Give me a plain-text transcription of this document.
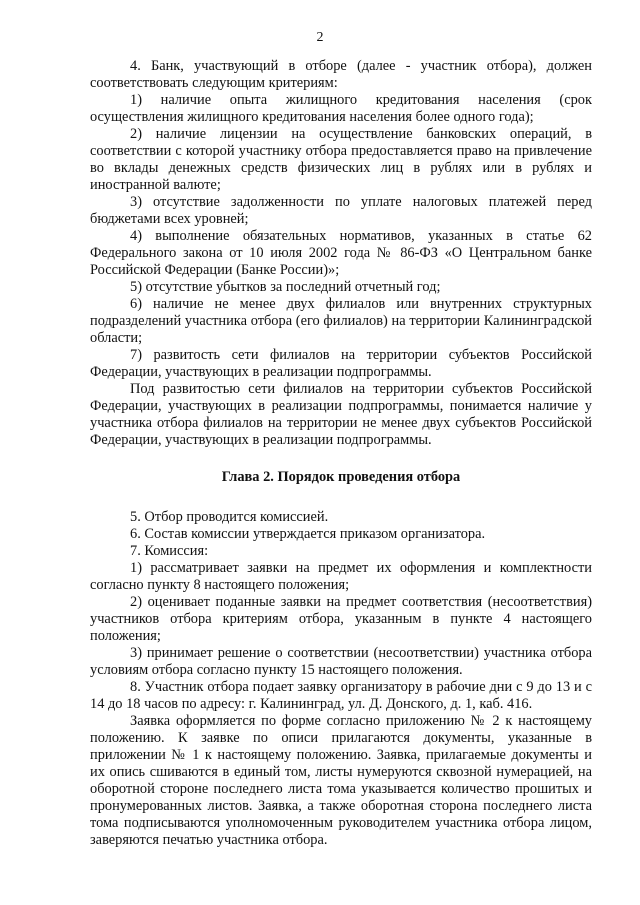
2

4. Банк, участвующий в отборе (далее - участник отбора), должен соответствовать следующим критериям:

1) наличие опыта жилищного кредитования населения (срок осуществления жилищного кредитования населения более одного года);

2) наличие лицензии на осуществление банковских операций, в соответствии с которой участнику отбора предоставляется право на привлечение во вклады денежных средств физических лиц в рублях или в рублях и иностранной валюте;

3) отсутствие задолженности по уплате налоговых платежей перед бюджетами всех уровней;

4) выполнение обязательных нормативов, указанных в статье 62 Федерального закона от 10 июля 2002 года № 86-ФЗ «О Центральном банке Российской Федерации (Банке России)»;

5) отсутствие убытков за последний отчетный год;

6) наличие не менее двух филиалов или внутренних структурных подразделений участника отбора (его филиалов) на территории Калининградской области;

7) развитость сети филиалов на территории субъектов Российской Федерации, участвующих в реализации подпрограммы.

Под развитостью сети филиалов на территории субъектов Российской Федерации, участвующих в реализации подпрограммы, понимается наличие у участника отбора филиалов на территории не менее двух субъектов Российской Федерации, участвующих в реализации подпрограммы.

Глава 2. Порядок проведения отбора

5. Отбор проводится комиссией.

6. Состав комиссии утверждается приказом организатора.

7. Комиссия:

1) рассматривает заявки на предмет их оформления и комплектности согласно пункту 8 настоящего положения;

2) оценивает поданные заявки на предмет соответствия (несоответствия) участников отбора критериям отбора, указанным в пункте 4 настоящего положения;

3) принимает решение о соответствии (несоответствии) участника отбора условиям отбора согласно пункту 15 настоящего положения.

8. Участник отбора подает заявку организатору в рабочие дни с 9 до 13 и с 14 до 18 часов по адресу: г. Калининград, ул. Д. Донского, д. 1, каб. 416.

Заявка оформляется по форме согласно приложению № 2 к настоящему положению. К заявке по описи прилагаются документы, указанные в приложении № 1 к настоящему положению. Заявка, прилагаемые документы и их опись сшиваются в единый том, листы нумеруются сквозной нумерацией, на оборотной стороне последнего листа тома указывается количество прошитых и пронумерованных листов. Заявка, а также оборотная сторона последнего листа тома подписываются уполномоченным руководителем участника отбора лицом, заверяются печатью участника отбора.
